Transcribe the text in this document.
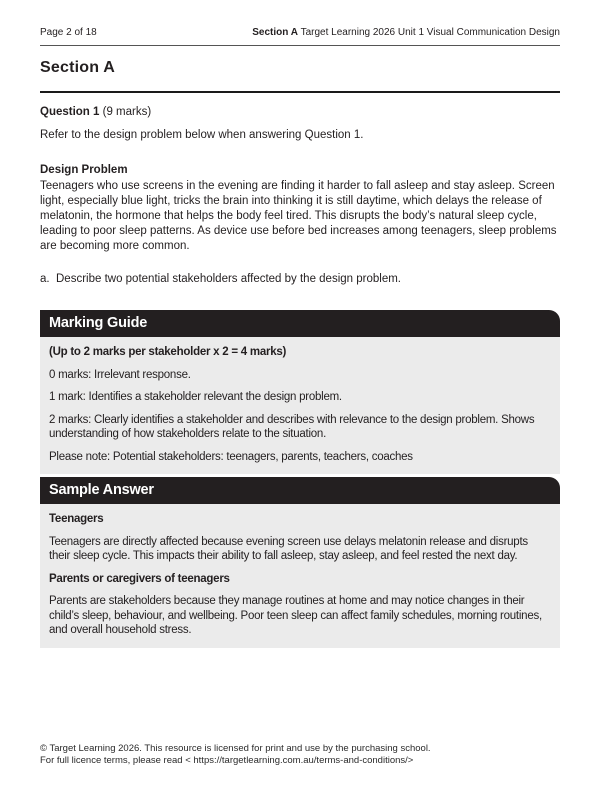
Page 2 of 18	Section A Target Learning 2026 Unit 1 Visual Communication Design
Section A
Question 1 (9 marks)
Refer to the design problem below when answering Question 1.
Design Problem
Teenagers who use screens in the evening are finding it harder to fall asleep and stay asleep. Screen light, especially blue light, tricks the brain into thinking it is still daytime, which delays the release of melatonin, the hormone that helps the body feel tired. This disrupts the body’s natural sleep cycle, leading to poor sleep patterns. As device use before bed increases among teenagers, sleep problems are becoming more common.
a. Describe two potential stakeholders affected by the design problem.
Marking Guide

(Up to 2 marks per stakeholder x 2 = 4 marks)

0 marks: Irrelevant response.

1 mark: Identifies a stakeholder relevant the design problem.

2 marks: Clearly identifies a stakeholder and describes with relevance to the design problem. Shows understanding of how stakeholders relate to the situation.

Please note: Potential stakeholders: teenagers, parents, teachers, coaches

Sample Answer

Teenagers

Teenagers are directly affected because evening screen use delays melatonin release and disrupts their sleep cycle. This impacts their ability to fall asleep, stay asleep, and feel rested the next day.

Parents or caregivers of teenagers

Parents are stakeholders because they manage routines at home and may notice changes in their child’s sleep, behaviour, and wellbeing. Poor teen sleep can affect family schedules, morning routines, and overall household stress.

© Target Learning 2026. This resource is licensed for print and use by the purchasing school.
For full licence terms, please read < https://targetlearning.com.au/terms-and-conditions/>
